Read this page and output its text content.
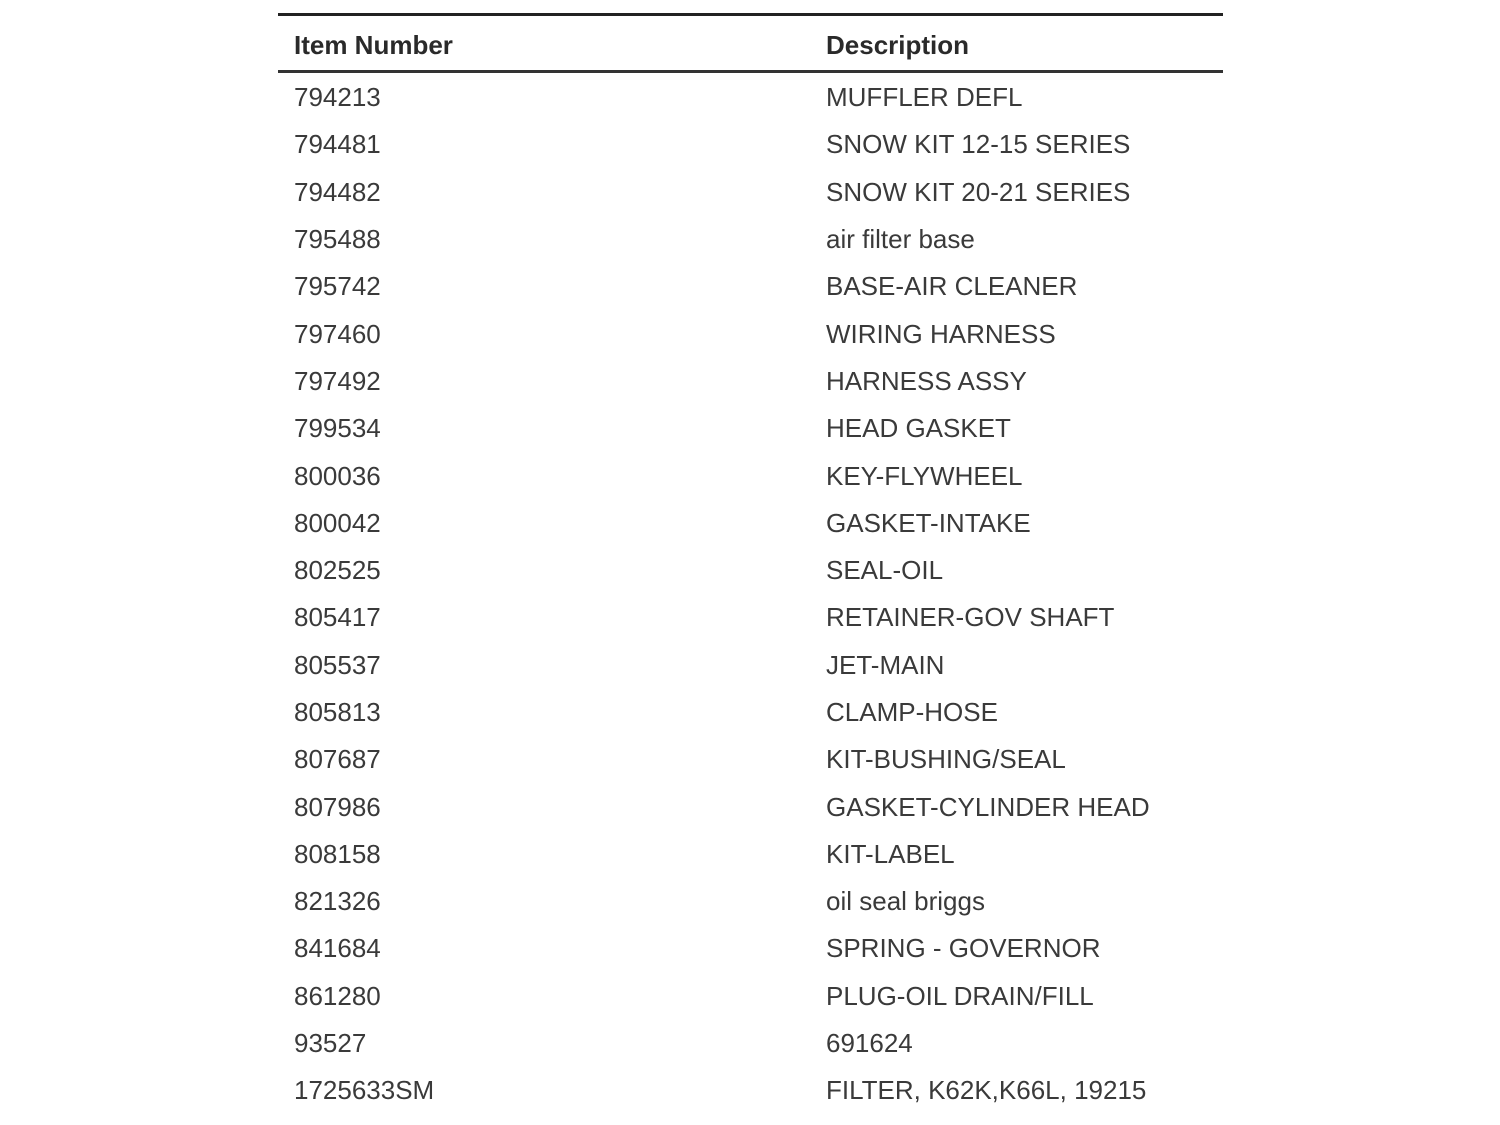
Item Number	Description
794213	MUFFLER DEFL
794481	SNOW KIT 12-15 SERIES
794482	SNOW KIT 20-21 SERIES
795488	air filter base
795742	BASE-AIR CLEANER
797460	WIRING HARNESS
797492	HARNESS ASSY
799534	HEAD GASKET
800036	KEY-FLYWHEEL
800042	GASKET-INTAKE
802525	SEAL-OIL
805417	RETAINER-GOV SHAFT
805537	JET-MAIN
805813	CLAMP-HOSE
807687	KIT-BUSHING/SEAL
807986	GASKET-CYLINDER HEAD
808158	KIT-LABEL
821326	oil seal briggs
841684	SPRING - GOVERNOR
861280	PLUG-OIL DRAIN/FILL
93527	691624
1725633SM	FILTER, K62K,K66L, 19215
